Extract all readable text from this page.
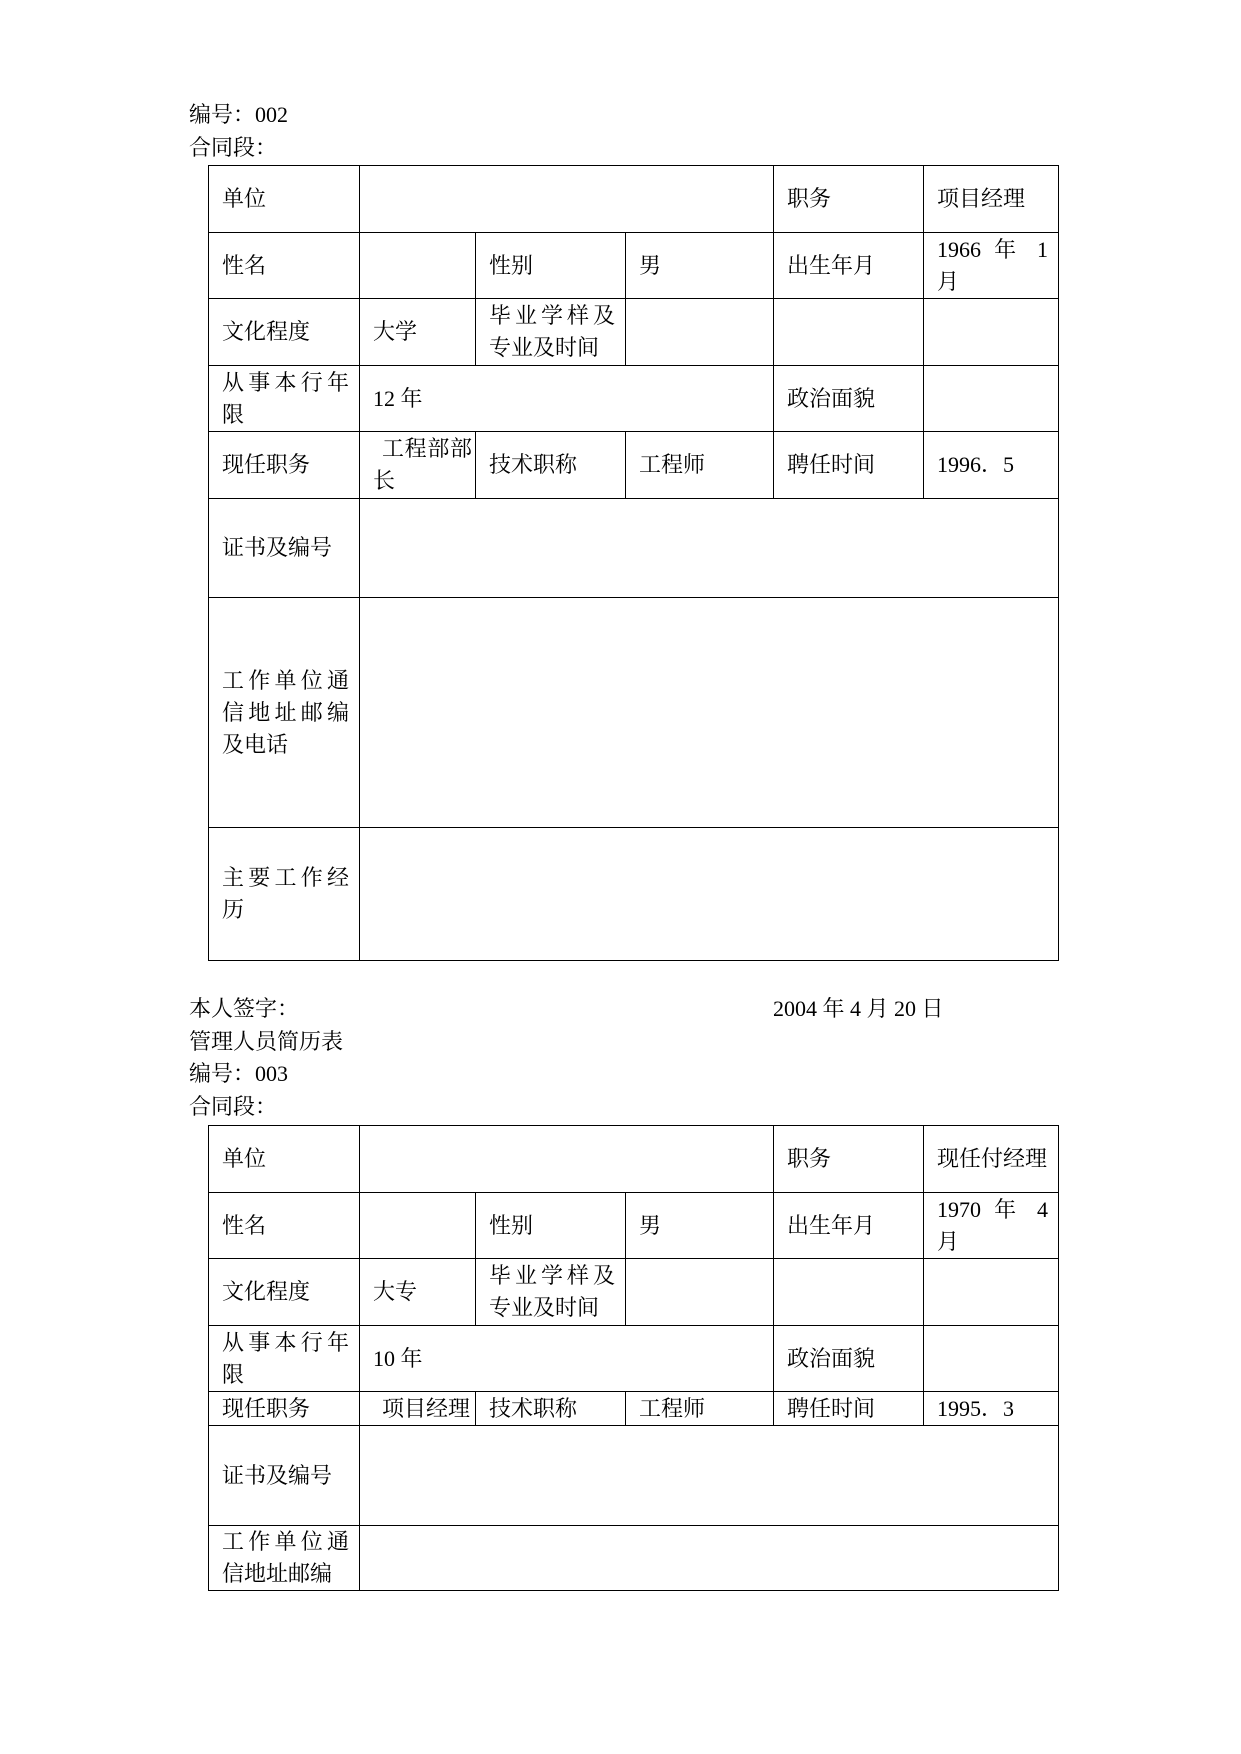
编号：002
合同段：
单位				职务	项目经理
性名		性别	男	出生年月	1966 年 1 月
文化程度	大学	毕业学样及专业及时间			
从事本行年限	12 年			政治面貌	
现任职务	工程部部长	技术职称	工程师	聘任时间	1996．5
证书及编号					
工作单位通信地址邮编及电话					
主要工作经历					
本人签字：	2004 年 4 月 20 日
管理人员简历表
编号：003
合同段：
单位				职务	现任付经理
性名		性别	男	出生年月	1970 年 4 月
文化程度	大专	毕业学样及专业及时间			
从事本行年限	10 年			政治面貌	
现任职务	项目经理	技术职称	工程师	聘任时间	1995．3
证书及编号					
工作单位通信地址邮编					
